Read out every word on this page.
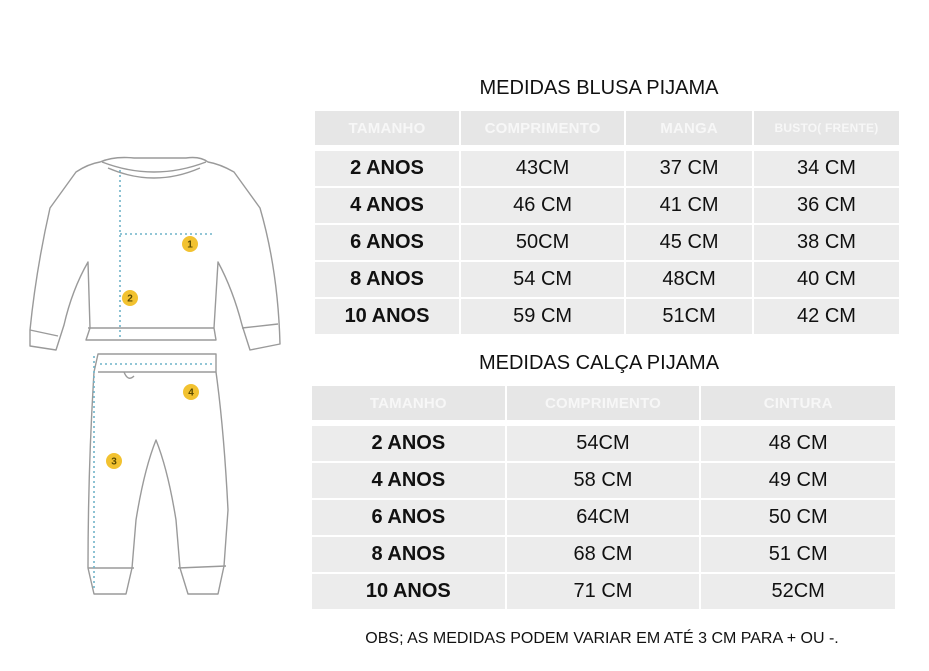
1
2
3
4
MEDIDAS BLUSA PIJAMA
TAMANHO	COMPRIMENTO	MANGA	BUSTO( FRENTE)

2 ANOS	43CM	37 CM	34 CM
4 ANOS	46 CM	41 CM	36 CM
6 ANOS	50CM	45 CM	38 CM
8 ANOS	54 CM	48CM	40 CM
10 ANOS	59 CM	51CM	42 CM
MEDIDAS CALÇA PIJAMA
TAMANHO	COMPRIMENTO	CINTURA

2 ANOS	54CM	48 CM
4 ANOS	58 CM	49 CM
6 ANOS	64CM	50 CM
8 ANOS	68 CM	51 CM
10 ANOS	71 CM	52CM
OBS; AS MEDIDAS PODEM VARIAR EM ATÉ 3 CM PARA + OU -.
